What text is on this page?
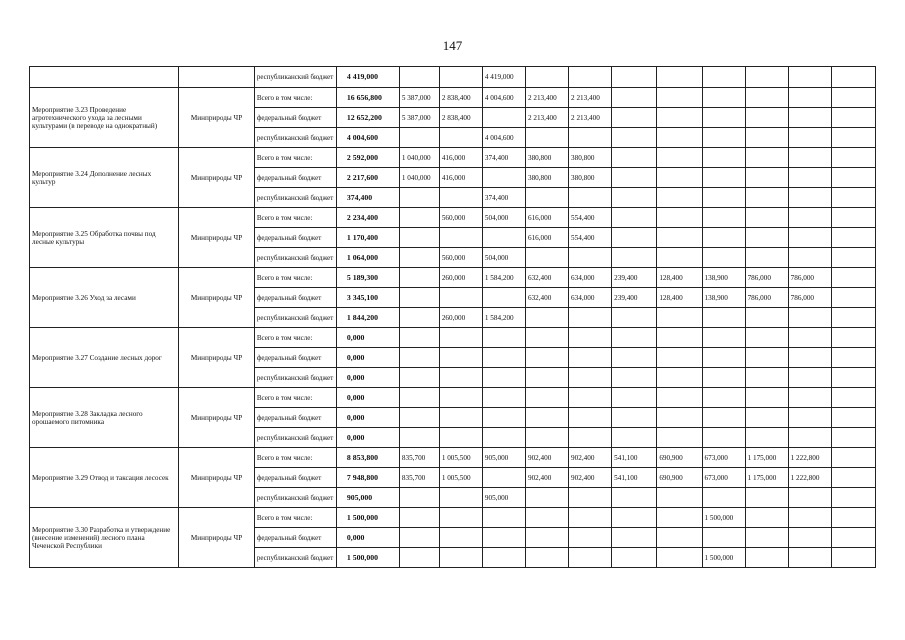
147
		республиканский бюджет	4 419,000			4 419,000								
Мероприятие 3.23 Проведение агротехнического ухода за лесными культурами (в переводе на однократный)	Минприроды ЧР	Всего в том числе:	16 656,800	5 387,000	2 838,400	4 004,600	2 213,400	2 213,400						
		федеральный бюджет	12 652,200	5 387,000	2 838,400		2 213,400	2 213,400						
		республиканский бюджет	4 004,600			4 004,600								
Мероприятие 3.24 Дополнение лесных культур	Минприроды ЧР	Всего в том числе:	2 592,000	1 040,000	416,000	374,400	380,800	380,800						
		федеральный бюджет	2 217,600	1 040,000	416,000		380,800	380,800						
		республиканский бюджет	374,400			374,400								
Мероприятие 3.25 Обработка почвы под лесные культуры	Минприроды ЧР	Всего в том числе:	2 234,400		560,000	504,000	616,000	554,400						
		федеральный бюджет	1 170,400				616,000	554,400						
		республиканский бюджет	1 064,000		560,000	504,000								
Мероприятие 3.26 Уход за лесами	Минприроды ЧР	Всего в том числе:	5 189,300		260,000	1 584,200	632,400	634,000	239,400	128,400	138,900	786,000	786,000	
		федеральный бюджет	3 345,100				632,400	634,000	239,400	128,400	138,900	786,000	786,000	
		республиканский бюджет	1 844,200		260,000	1 584,200								
Мероприятие 3.27 Создание лесных дорог	Минприроды ЧР	Всего в том числе:	0,000											
		федеральный бюджет	0,000											
		республиканский бюджет	0,000											
Мероприятие 3.28 Закладка лесного орошаемого питомника	Минприроды ЧР	Всего в том числе:	0,000											
		федеральный бюджет	0,000											
		республиканский бюджет	0,000											
Мероприятие 3.29 Отвод и таксация лесосек	Минприроды ЧР	Всего в том числе:	8 853,800	835,700	1 005,500	905,000	902,400	902,400	541,100	690,900	673,000	1 175,000	1 222,800	
		федеральный бюджет	7 948,800	835,700	1 005,500		902,400	902,400	541,100	690,900	673,000	1 175,000	1 222,800	
		республиканский бюджет	905,000			905,000								
Мероприятие 3.30 Разработка и утверждение (внесение изменений) лесного плана Чеченской Республики	Минприроды ЧР	Всего в том числе:	1 500,000								1 500,000			
		федеральный бюджет	0,000											
		республиканский бюджет	1 500,000								1 500,000			
